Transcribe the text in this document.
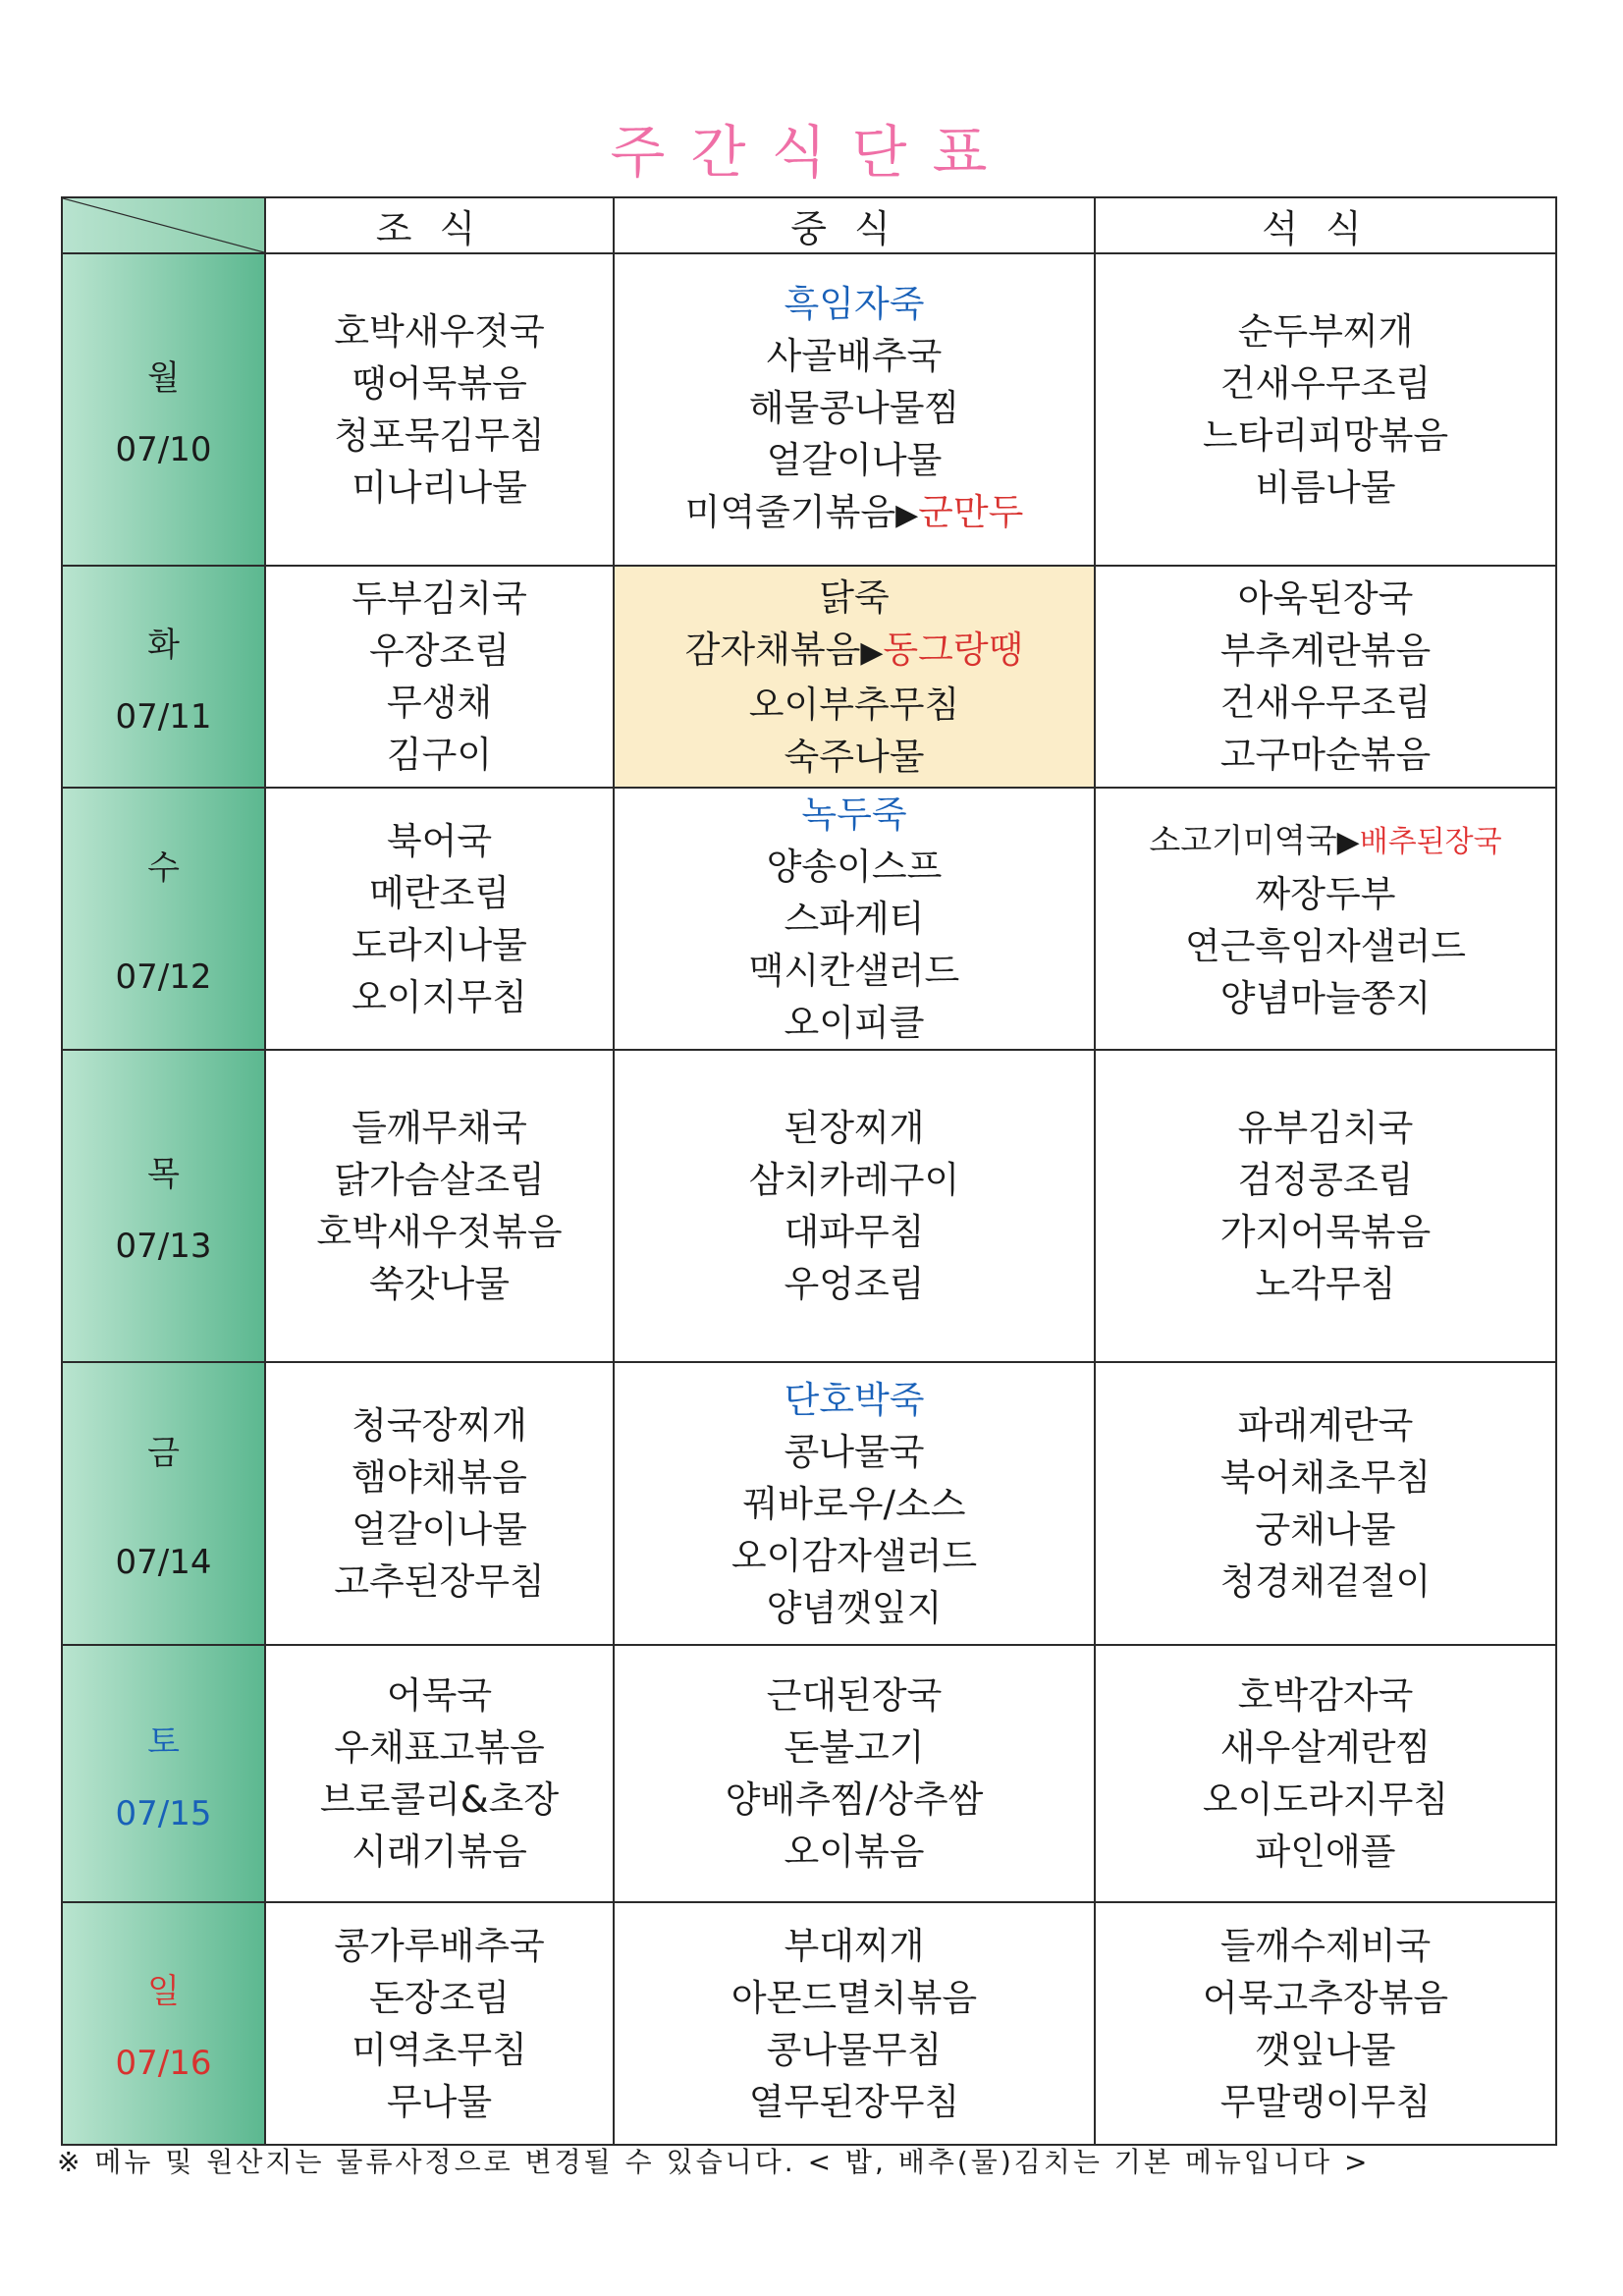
주간식단표
	조식	중식	석식

월
07/10	호박새우젓국
땡어묵볶음
청포묵김무침
미나리나물	흑임자죽
사골배추국
해물콩나물찜
얼갈이나물
미역줄기볶음▶군만두	순두부찌개
건새우무조림
느타리피망볶음
비름나물

화
07/11	두부김치국
우장조림
무생채
김구이	닭죽
감자채볶음▶동그랑땡
오이부추무침
숙주나물	아욱된장국
부추계란볶음
건새우무조림
고구마순볶음

수
07/12	북어국
메란조림
도라지나물
오이지무침	녹두죽
양송이스프
스파게티
맥시칸샐러드
오이피클	소고기미역국▶배추된장국
짜장두부
연근흑임자샐러드
양념마늘쫑지

목
07/13	들깨무채국
닭가슴살조림
호박새우젓볶음
쑥갓나물	된장찌개
삼치카레구이
대파무침
우엉조림	유부김치국
검정콩조림
가지어묵볶음
노각무침

금
07/14	청국장찌개
햄야채볶음
얼갈이나물
고추된장무침	단호박죽
콩나물국
꿔바로우/소스
오이감자샐러드
양념깻잎지	파래계란국
북어채초무침
궁채나물
청경채겉절이

토
07/15	어묵국
우채표고볶음
브로콜리&초장
시래기볶음	근대된장국
돈불고기
양배추찜/상추쌈
오이볶음	호박감자국
새우살계란찜
오이도라지무침
파인애플

일
07/16	콩가루배추국
돈장조림
미역초무침
무나물	부대찌개
아몬드멸치볶음
콩나물무침
열무된장무침	들깨수제비국
어묵고추장볶음
깻잎나물
무말랭이무침
※ 메뉴 및 원산지는 물류사정으로 변경될 수 있습니다. < 밥, 배추(물)김치는 기본 메뉴입니다 >
